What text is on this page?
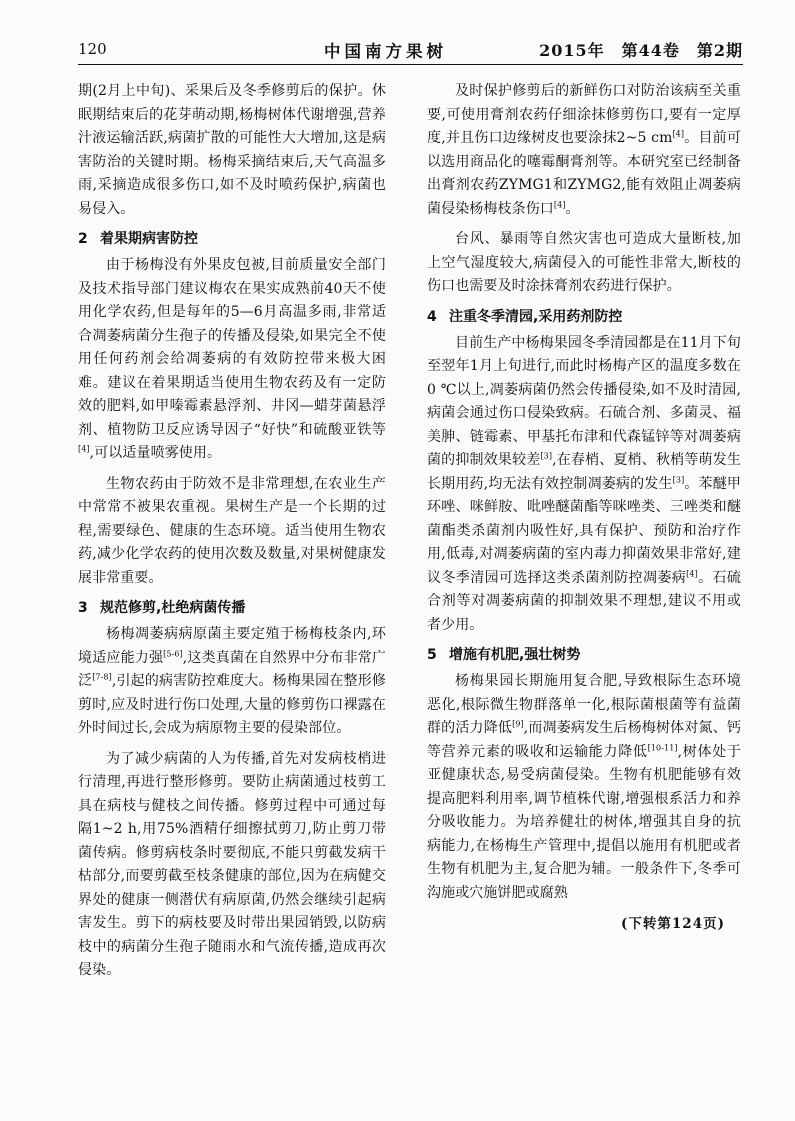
120	中国南方果树	2015年　第44卷　第2期

期(2月上中旬)、采果后及冬季修剪后的保护。休眠期结束后的花芽萌动期,杨梅树体代谢增强,营养汁液运输活跃,病菌扩散的可能性大大增加,这是病害防治的关键时期。杨梅采摘结束后,天气高温多雨,采摘造成很多伤口,如不及时喷药保护,病菌也易侵入。

2 着果期病害防控

由于杨梅没有外果皮包被,目前质量安全部门及技术指导部门建议梅农在果实成熟前40天不使用化学农药,但是每年的5—6月高温多雨,非常适合凋萎病菌分生孢子的传播及侵染,如果完全不使用任何药剂会给凋萎病的有效防控带来极大困难。建议在着果期适当使用生物农药及有一定防效的肥料,如甲嗪霉素悬浮剂、井冈—蜡芽菌悬浮剂、植物防卫反应诱导因子“好快”和硫酸亚铁等[4],可以适量喷雾使用。

生物农药由于防效不是非常理想,在农业生产中常常不被果农重视。果树生产是一个长期的过程,需要绿色、健康的生态环境。适当使用生物农药,减少化学农药的使用次数及数量,对果树健康发展非常重要。

3 规范修剪,杜绝病菌传播

杨梅凋萎病病原菌主要定殖于杨梅枝条内,环境适应能力强[5-6],这类真菌在自然界中分布非常广泛[7-8],引起的病害防控难度大。杨梅果园在整形修剪时,应及时进行伤口处理,大量的修剪伤口裸露在外时间过长,会成为病原物主要的侵染部位。

为了减少病菌的人为传播,首先对发病枝梢进行清理,再进行整形修剪。要防止病菌通过枝剪工具在病枝与健枝之间传播。修剪过程中可通过每隔1~2 h,用75%酒精仔细擦拭剪刀,防止剪刀带菌传病。修剪病枝条时要彻底,不能只剪截发病干枯部分,而要剪截至枝条健康的部位,因为在病健交界处的健康一侧潜伏有病原菌,仍然会继续引起病害发生。剪下的病枝要及时带出果园销毁,以防病枝中的病菌分生孢子随雨水和气流传播,造成再次侵染。

及时保护修剪后的新鲜伤口对防治该病至关重要,可使用膏剂农药仔细涂抹修剪伤口,要有一定厚度,并且伤口边缘树皮也要涂抹2~5 cm[4]。目前可以选用商品化的噻霉酮膏剂等。本研究室已经制备出膏剂农药ZYMG1和ZYMG2,能有效阻止凋萎病菌侵染杨梅枝条伤口[4]。

台风、暴雨等自然灾害也可造成大量断枝,加上空气湿度较大,病菌侵入的可能性非常大,断枝的伤口也需要及时涂抹膏剂农药进行保护。

4 注重冬季清园,采用药剂防控

目前生产中杨梅果园冬季清园都是在11月下旬至翌年1月上旬进行,而此时杨梅产区的温度多数在0 ℃以上,凋萎病菌仍然会传播侵染,如不及时清园,病菌会通过伤口侵染致病。石硫合剂、多菌灵、福美胂、链霉素、甲基托布津和代森锰锌等对凋萎病菌的抑制效果较差[3],在春梢、夏梢、秋梢等萌发生长期用药,均无法有效控制凋萎病的发生[3]。苯醚甲环唑、咪鲜胺、吡唑醚菌酯等咪唑类、三唑类和醚菌酯类杀菌剂内吸性好,具有保护、预防和治疗作用,低毒,对凋萎病菌的室内毒力抑菌效果非常好,建议冬季清园可选择这类杀菌剂防控凋萎病[4]。石硫合剂等对凋萎病菌的抑制效果不理想,建议不用或者少用。

5 增施有机肥,强壮树势

杨梅果园长期施用复合肥,导致根际生态环境恶化,根际微生物群落单一化,根际菌根菌等有益菌群的活力降低[9],而凋萎病发生后杨梅树体对氮、钙等营养元素的吸收和运输能力降低[10-11],树体处于亚健康状态,易受病菌侵染。生物有机肥能够有效提高肥料利用率,调节植株代谢,增强根系活力和养分吸收能力。为培养健壮的树体,增强其自身的抗病能力,在杨梅生产管理中,提倡以施用有机肥或者生物有机肥为主,复合肥为辅。一般条件下,冬季可沟施或穴施饼肥或腐熟

(下转第124页)
